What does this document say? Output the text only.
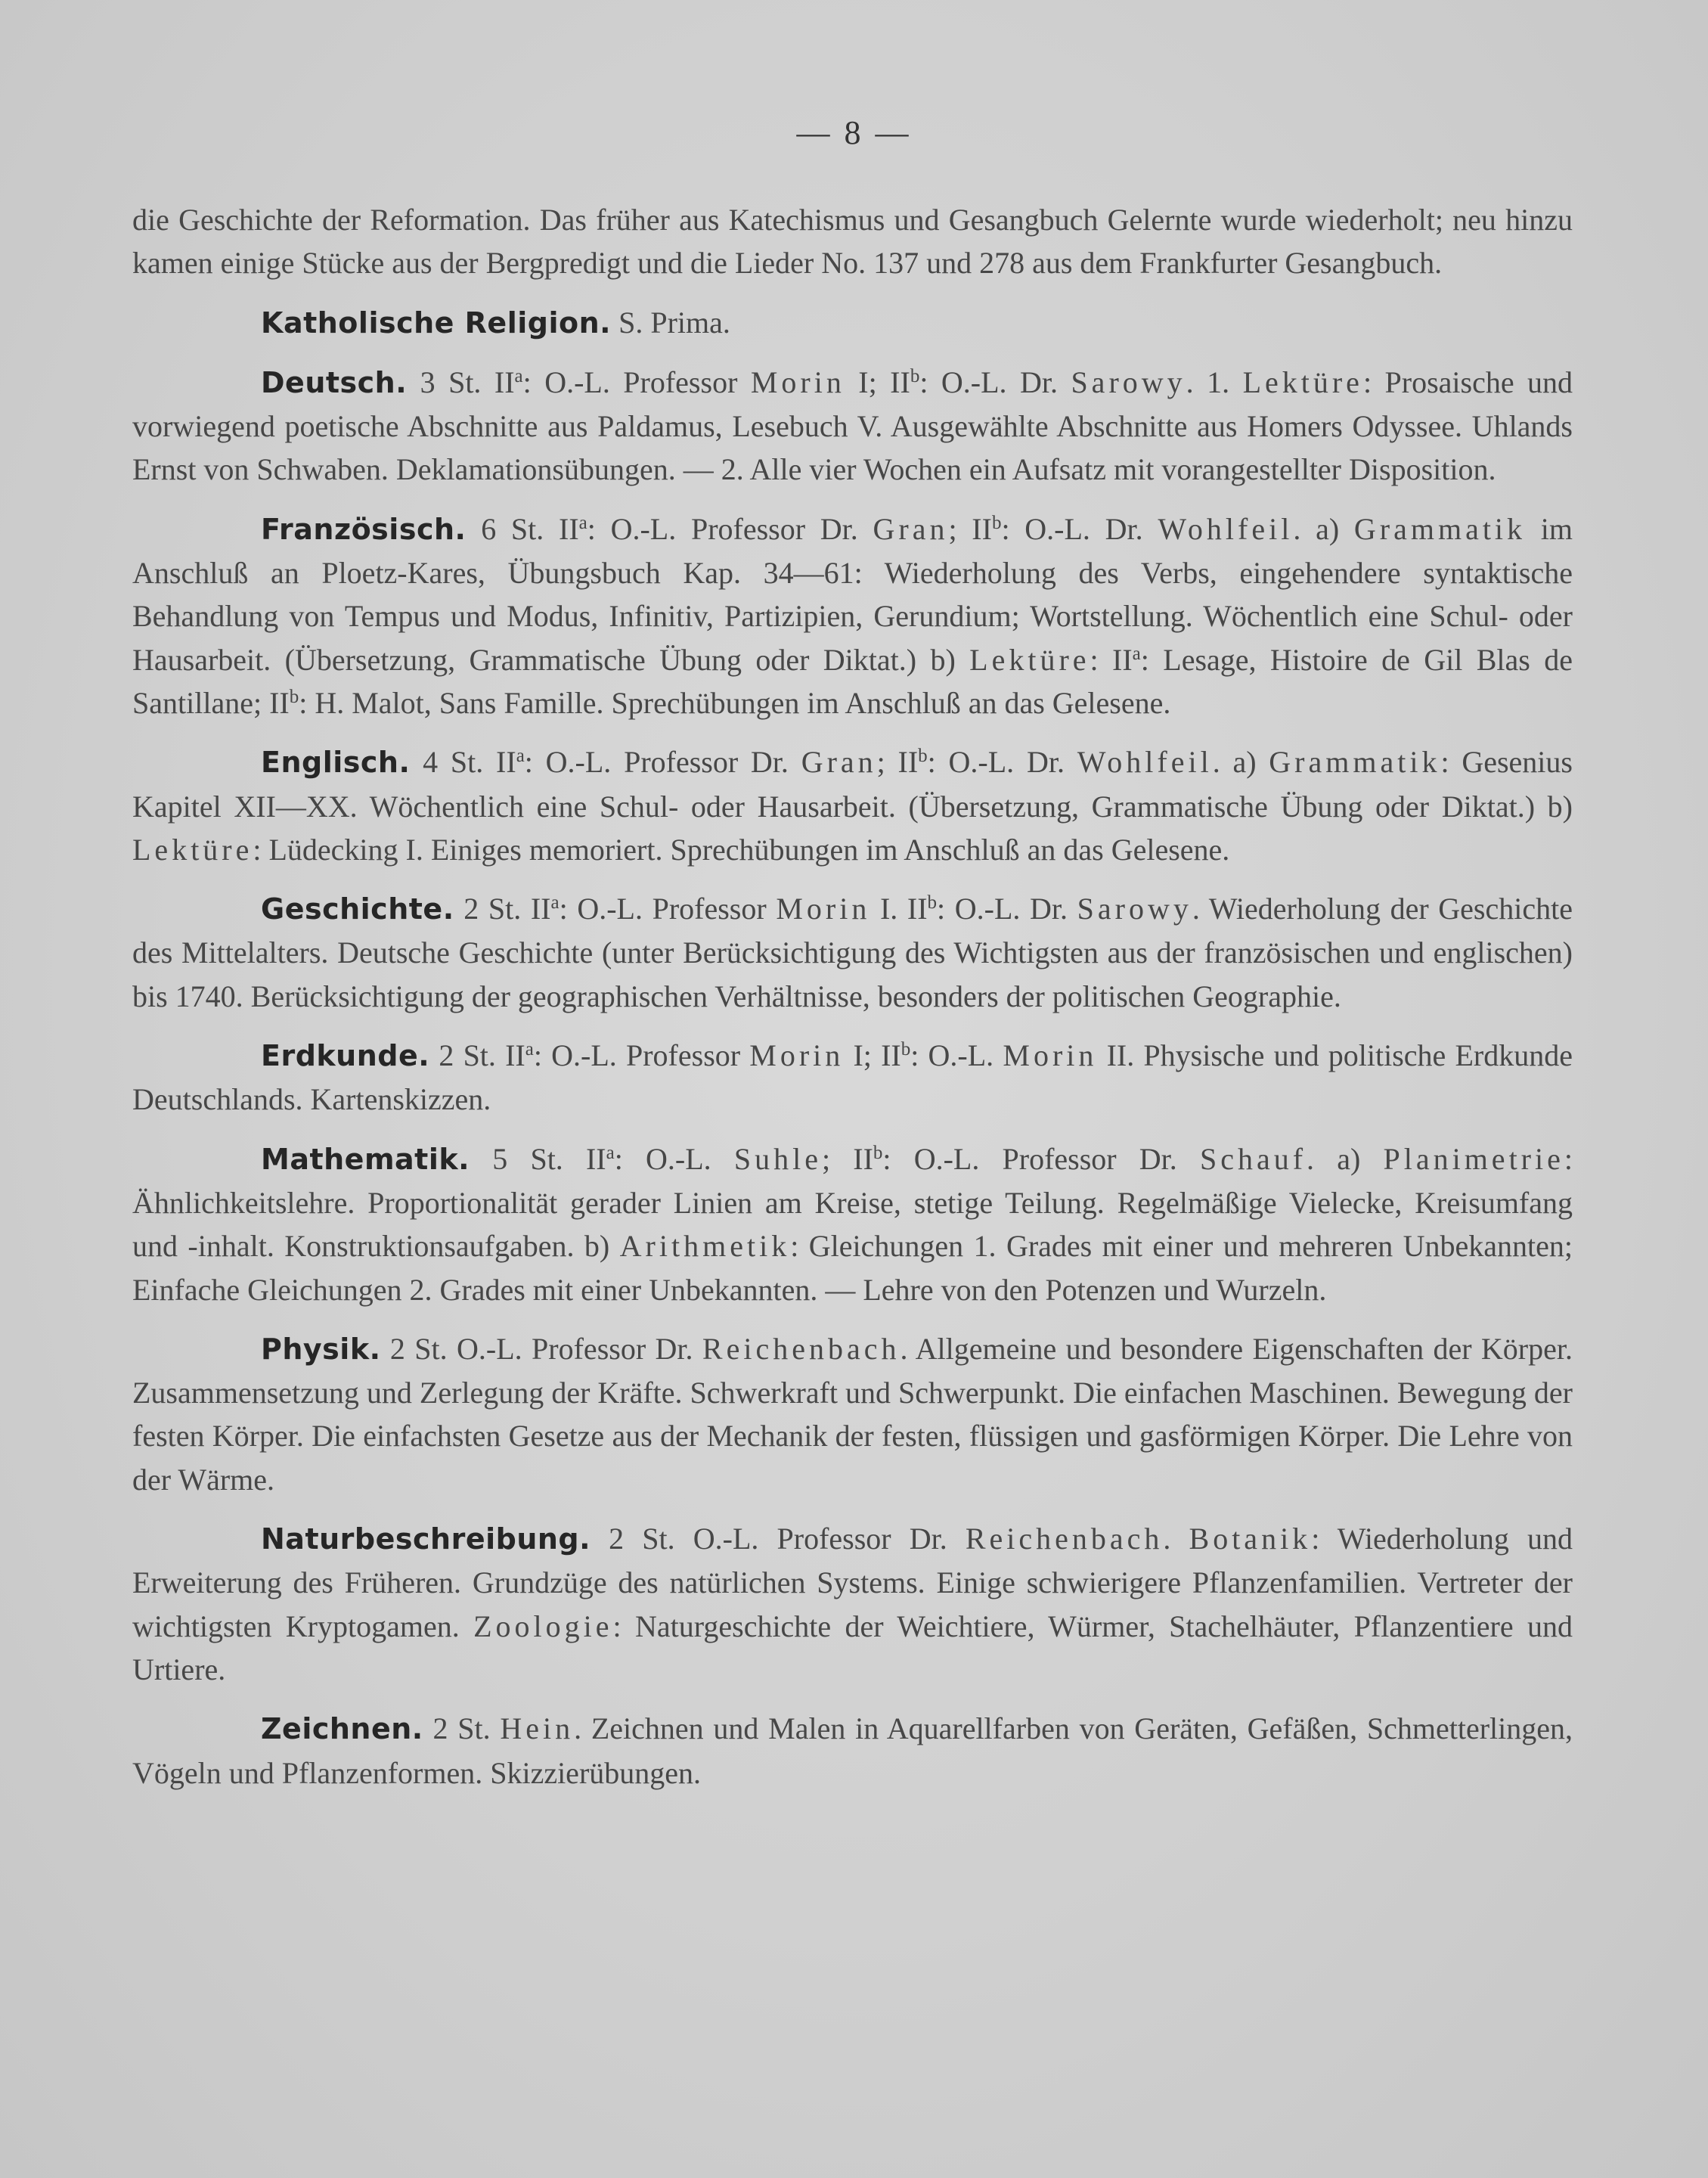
— 8 —

die Geschichte der Reformation. Das früher aus Katechismus und Gesangbuch Gelernte wurde wiederholt; neu hinzu kamen einige Stücke aus der Bergpredigt und die Lieder No. 137 und 278 aus dem Frankfurter Gesangbuch.

Katholische Religion. S. Prima.

Deutsch. 3 St. $II^a$: O.-L. Professor Morin I; $II^b$: O.-L. Dr. Sarowy. 1. Lektüre: Prosaische und vorwiegend poetische Abschnitte aus Paldamus, Lesebuch V. Ausgewählte Abschnitte aus Homers Odyssee. Uhlands Ernst von Schwaben. Deklamationsübungen. — 2. Alle vier Wochen ein Aufsatz mit vorangestellter Disposition.

Französisch. 6 St. $II^a$: O.-L. Professor Dr. Gran; $II^b$: O.-L. Dr. Wohlfeil. a) Grammatik im Anschluß an Ploetz-Kares, Übungsbuch Kap. 34—61: Wiederholung des Verbs, eingehendere syntaktische Behandlung von Tempus und Modus, Infinitiv, Partizipien, Gerundium; Wortstellung. Wöchentlich eine Schul- oder Hausarbeit. (Übersetzung, Grammatische Übung oder Diktat.) b) Lektüre: $II^a$: Lesage, Histoire de Gil Blas de Santillane; $II^b$: H. Malot, Sans Famille. Sprechübungen im Anschluß an das Gelesene.

Englisch. 4 St. $II^a$: O.-L. Professor Dr. Gran; $II^b$: O.-L. Dr. Wohlfeil. a) Grammatik: Gesenius Kapitel XII—XX. Wöchentlich eine Schul- oder Hausarbeit. (Übersetzung, Grammatische Übung oder Diktat.) b) Lektüre: Lüdecking I. Einiges memoriert. Sprechübungen im Anschluß an das Gelesene.

Geschichte. 2 St. $II^a$: O.-L. Professor Morin I. $II^b$: O.-L. Dr. Sarowy. Wiederholung der Geschichte des Mittelalters. Deutsche Geschichte (unter Berücksichtigung des Wichtigsten aus der französischen und englischen) bis 1740. Berücksichtigung der geographischen Verhältnisse, besonders der politischen Geographie.

Erdkunde. 2 St. $II^a$: O.-L. Professor Morin I; $II^b$: O.-L. Morin II. Physische und politische Erdkunde Deutschlands. Kartenskizzen.

Mathematik. 5 St. $II^a$: O.-L. Suhle; $II^b$: O.-L. Professor Dr. Schauf. a) Planimetrie: Ähnlichkeitslehre. Proportionalität gerader Linien am Kreise, stetige Teilung. Regelmäßige Vielecke, Kreisumfang und -inhalt. Konstruktionsaufgaben. b) Arithmetik: Gleichungen 1. Grades mit einer und mehreren Unbekannten; Einfache Gleichungen 2. Grades mit einer Unbekannten. — Lehre von den Potenzen und Wurzeln.

Physik. 2 St. O.-L. Professor Dr. Reichenbach. Allgemeine und besondere Eigenschaften der Körper. Zusammensetzung und Zerlegung der Kräfte. Schwerkraft und Schwerpunkt. Die einfachen Maschinen. Bewegung der festen Körper. Die einfachsten Gesetze aus der Mechanik der festen, flüssigen und gasförmigen Körper. Die Lehre von der Wärme.

Naturbeschreibung. 2 St. O.-L. Professor Dr. Reichenbach. Botanik: Wiederholung und Erweiterung des Früheren. Grundzüge des natürlichen Systems. Einige schwierigere Pflanzenfamilien. Vertreter der wichtigsten Kryptogamen. Zoologie: Naturgeschichte der Weichtiere, Würmer, Stachelhäuter, Pflanzentiere und Urtiere.

Zeichnen. 2 St. Hein. Zeichnen und Malen in Aquarellfarben von Geräten, Gefäßen, Schmetterlingen, Vögeln und Pflanzenformen. Skizzierübungen.
